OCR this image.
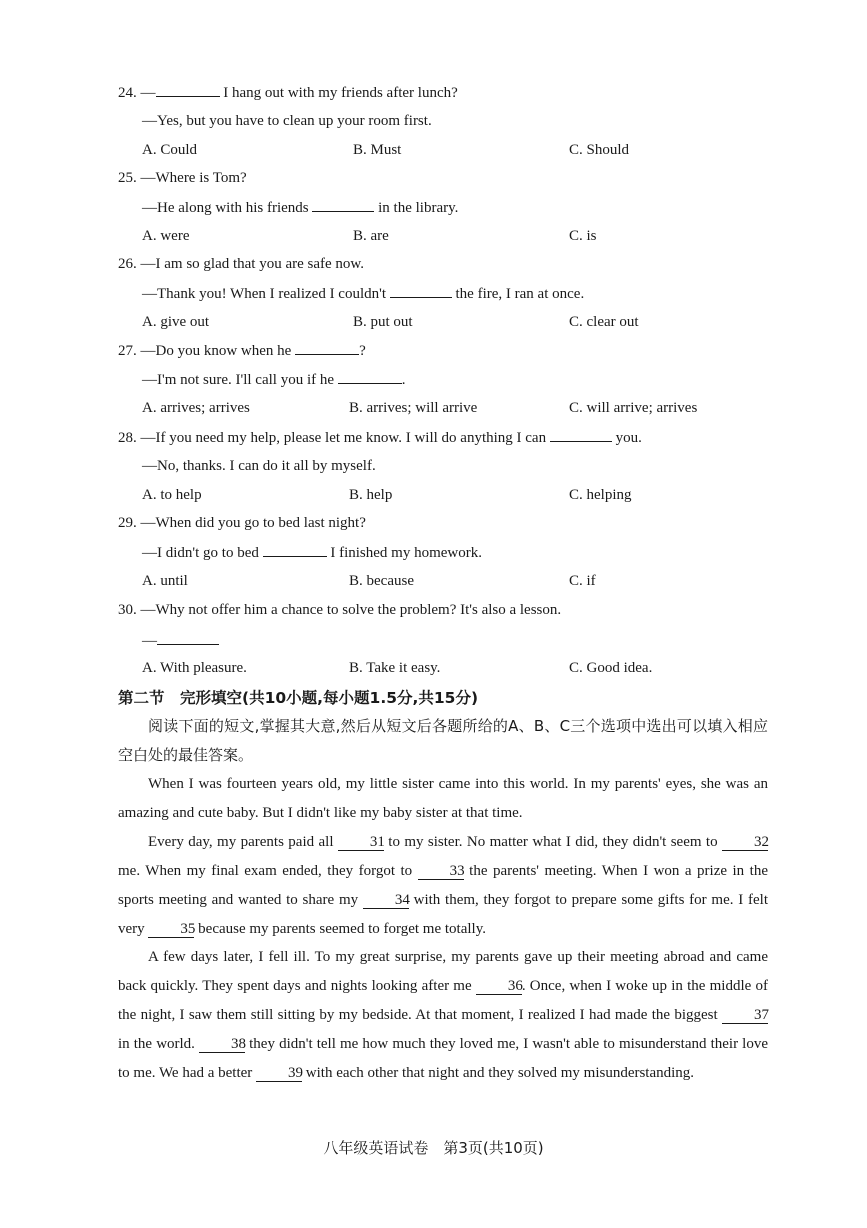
24. —	I hang out with my friends after lunch?
—Yes, but you have to clean up your room first.
A. Could	B. Must	C. Should
25. —Where is Tom?
—He along with his friends	in the library.
A. were	B. are	C. is
26. —I am so glad that you are safe now.
—Thank you! When I realized I couldn't	the fire, I ran at once.
A. give out	B. put out	C. clear out
27. —Do you know when he	?
—I'm not sure. I'll call you if he	.
A. arrives; arrives	B. arrives; will arrive	C. will arrive; arrives
28. —If you need my help, please let me know. I will do anything I can	you.
—No, thanks. I can do it all by myself.
A. to help	B. help	C. helping
29. —When did you go to bed last night?
—I didn't go to bed	I finished my homework.
A. until	B. because	C. if
30. —Why not offer him a chance to solve the problem? It's also a lesson.
—
A. With pleasure.	B. Take it easy.	C. Good idea.
第二节　完形填空(共10小题,每小题1.5分,共15分)
阅读下面的短文,掌握其大意,然后从短文后各题所给的A、B、C三个选项中选出可以填入相应空白处的最佳答案。
When I was fourteen years old, my little sister came into this world. In my parents' eyes, she was an amazing and cute baby. But I didn't like my baby sister at that time.
Every day, my parents paid all 31 to my sister. No matter what I did, they didn't seem to 32 me. When my final exam ended, they forgot to 33 the parents' meeting. When I won a prize in the sports meeting and wanted to share my 34 with them, they forgot to prepare some gifts for me. I felt very 35 because my parents seemed to forget me totally.
A few days later, I fell ill. To my great surprise, my parents gave up their meeting abroad and came back quickly. They spent days and nights looking after me 36. Once, when I woke up in the middle of the night, I saw them still sitting by my bedside. At that moment, I realized I had made the biggest 37 in the world. 38 they didn't tell me how much they loved me, I wasn't able to misunderstand their love to me. We had a better 39 with each other that night and they solved my misunderstanding.
八年级英语试卷　第3页(共10页)
